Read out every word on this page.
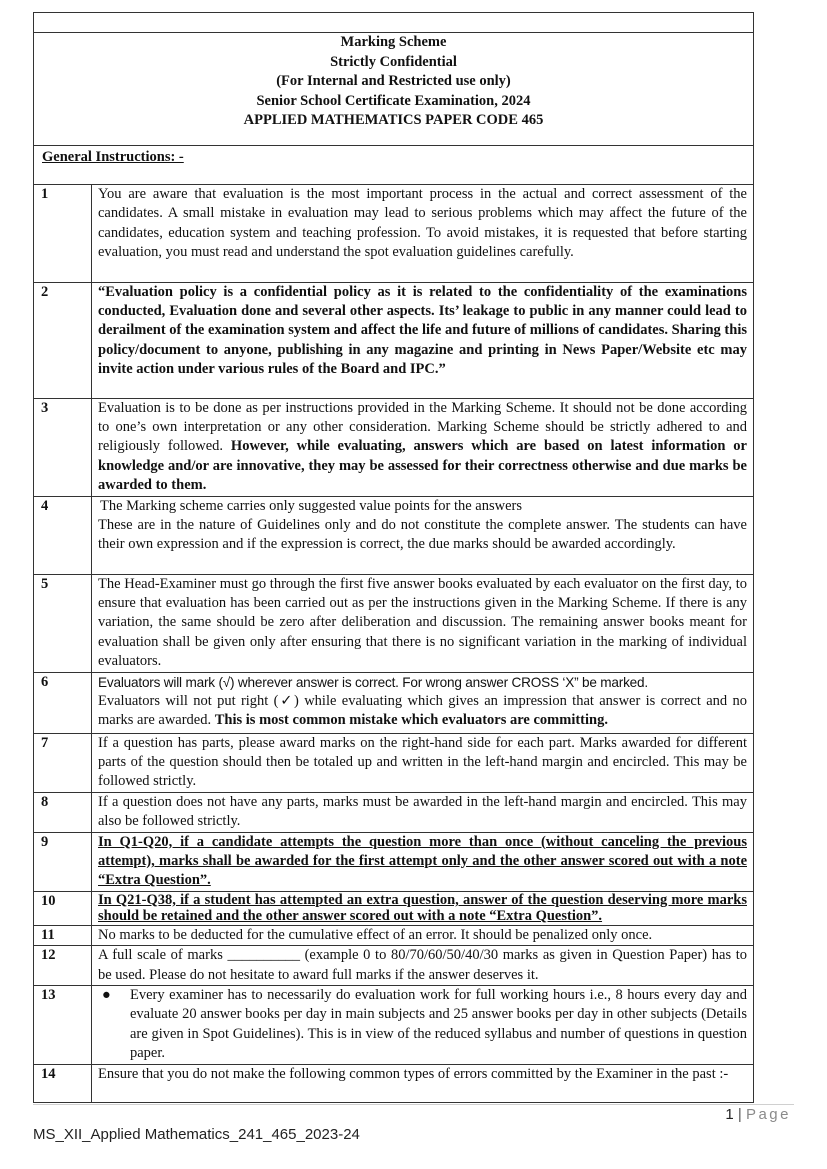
Marking Scheme
Strictly Confidential
(For Internal and Restricted use only)
Senior School Certificate Examination, 2024
APPLIED MATHEMATICS PAPER CODE 465
General Instructions: -
1	You are aware that evaluation is the most important process in the actual and correct assessment of the candidates. A small mistake in evaluation may lead to serious problems which may affect the future of the candidates, education system and teaching profession. To avoid mistakes, it is requested that before starting evaluation, you must read and understand the spot evaluation guidelines carefully.
2	“Evaluation policy is a confidential policy as it is related to the confidentiality of the examinations conducted, Evaluation done and several other aspects. Its’ leakage to public in any manner could lead to derailment of the examination system and affect the life and future of millions of candidates. Sharing this policy/document to anyone, publishing in any magazine and printing in News Paper/Website etc may invite action under various rules of the Board and IPC.”
3	Evaluation is to be done as per instructions provided in the Marking Scheme. It should not be done according to one’s own interpretation or any other consideration. Marking Scheme should be strictly adhered to and religiously followed. However, while evaluating, answers which are based on latest information or knowledge and/or are innovative, they may be assessed for their correctness otherwise and due marks be awarded to them.
4	The Marking scheme carries only suggested value points for the answers
These are in the nature of Guidelines only and do not constitute the complete answer. The students can have their own expression and if the expression is correct, the due marks should be awarded accordingly.

5	The Head-Examiner must go through the first five answer books evaluated by each evaluator on the first day, to ensure that evaluation has been carried out as per the instructions given in the Marking Scheme. If there is any variation, the same should be zero after deliberation and discussion. The remaining answer books meant for evaluation shall be given only after ensuring that there is no significant variation in the marking of individual evaluators.
6	Evaluators will mark (√) wherever answer is correct. For wrong answer CROSS ‘X” be marked.
Evaluators will not put right (✓) while evaluating which gives an impression that answer is correct and no marks are awarded. This is most common mistake which evaluators are committing.
7	If a question has parts, please award marks on the right-hand side for each part. Marks awarded for different parts of the question should then be totaled up and written in the left-hand margin and encircled. This may be followed strictly.
8	If a question does not have any parts, marks must be awarded in the left-hand margin and encircled. This may also be followed strictly.
9	In Q1-Q20, if a candidate attempts the question more than once (without canceling the previous attempt), marks shall be awarded for the first attempt only and the other answer scored out with a note “Extra Question”.
10	In Q21-Q38, if a student has attempted an extra question, answer of the question deserving more marks should be retained and the other answer scored out with a note “Extra Question”.
11	No marks to be deducted for the cumulative effect of an error. It should be penalized only once.
12	A full scale of marks __________ (example 0 to 80/70/60/50/40/30 marks as given in Question Paper) has to be used. Please do not hesitate to award full marks if the answer deserves it.
13	● Every examiner has to necessarily do evaluation work for full working hours i.e., 8 hours every day and evaluate 20 answer books per day in main subjects and 25 answer books per day in other subjects (Details are given in Spot Guidelines). This is in view of the reduced syllabus and number of questions in question paper.

14	Ensure that you do not make the following common types of errors committed by the Examiner in the past :-
1 | Page
MS_XII_Applied Mathematics_241_465_2023-24
